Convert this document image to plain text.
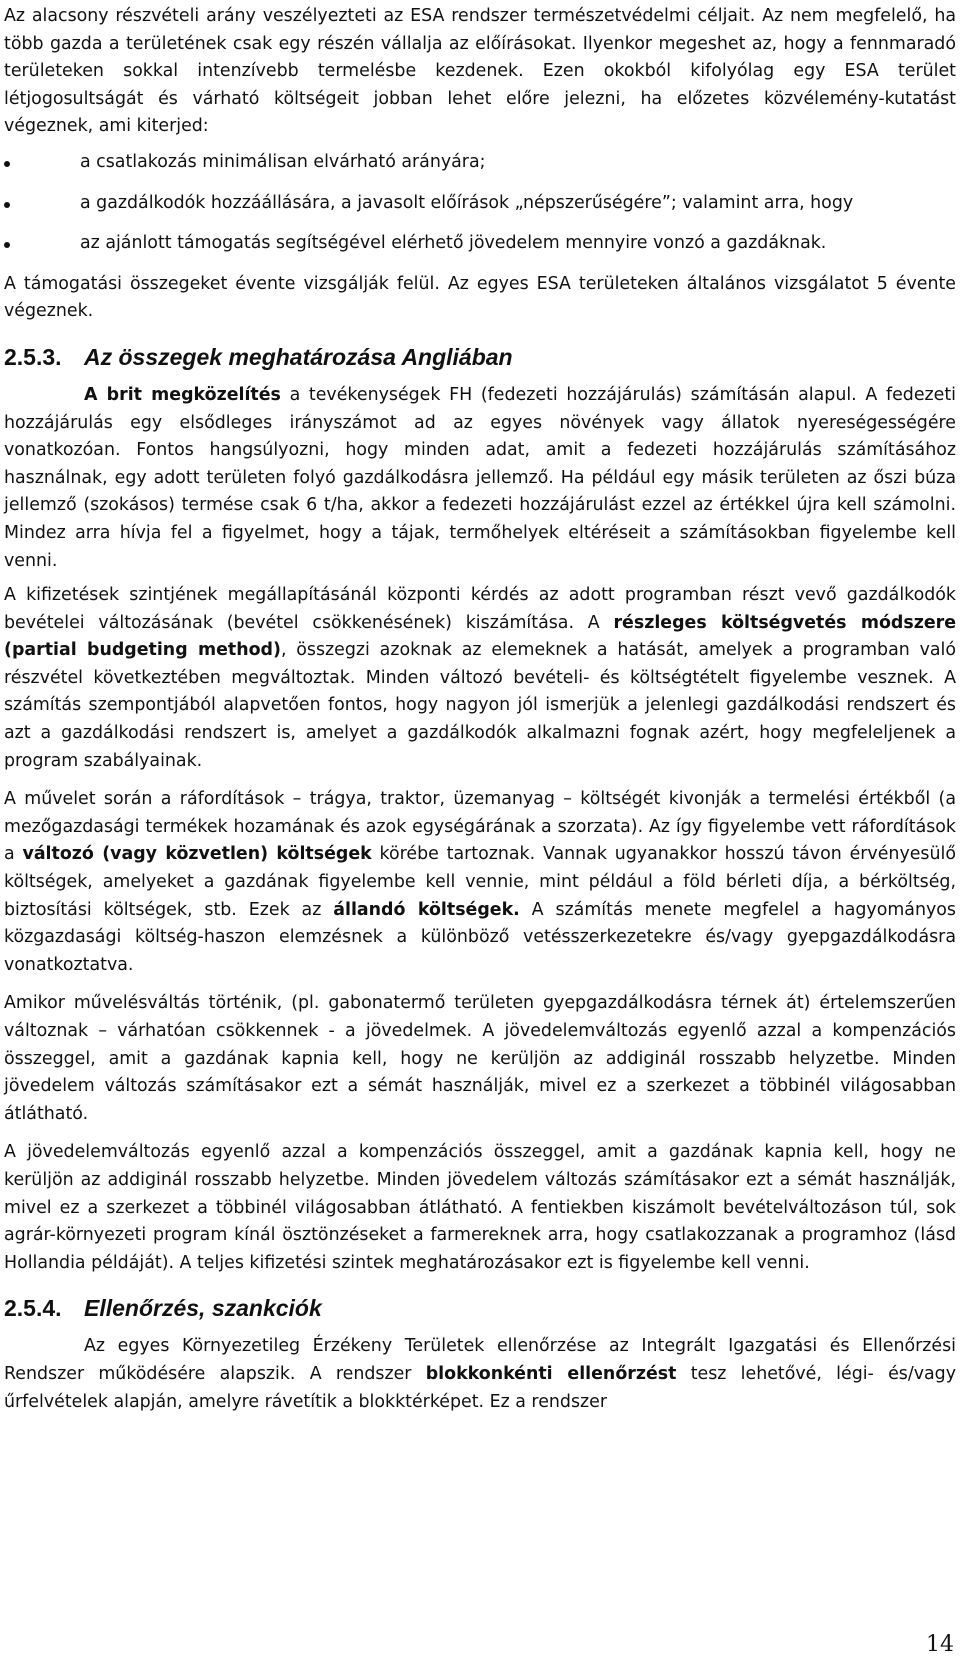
Az alacsony részvételi arány veszélyezteti az ESA rendszer természetvédelmi céljait. Az nem megfelelő, ha több gazda a területének csak egy részén vállalja az előírásokat. Ilyenkor megeshet az, hogy a fennmaradó területeken sokkal intenzívebb termelésbe kezdenek. Ezen okokból kifolyólag egy ESA terület létjogosultságát és várható költségeit jobban lehet előre jelezni, ha előzetes közvélemény-kutatást végeznek, ami kiterjed:

a csatlakozás minimálisan elvárható arányára;
a gazdálkodók hozzáállására, a javasolt előírások „népszerűségére”; valamint arra, hogy
az ajánlott támogatás segítségével elérhető jövedelem mennyire vonzó a gazdáknak.

A támogatási összegeket évente vizsgálják felül. Az egyes ESA területeken általános vizsgálatot 5 évente végeznek.

2.5.3. Az összegek meghatározása Angliában

A brit megközelítés a tevékenységek FH (fedezeti hozzájárulás) számításán alapul. A fedezeti hozzájárulás egy elsődleges irányszámot ad az egyes növények vagy állatok nyereségességére vonatkozóan. Fontos hangsúlyozni, hogy minden adat, amit a fedezeti hozzájárulás számításához használnak, egy adott területen folyó gazdálkodásra jellemző. Ha például egy másik területen az őszi búza jellemző (szokásos) termése csak 6 t/ha, akkor a fedezeti hozzájárulást ezzel az értékkel újra kell számolni. Mindez arra hívja fel a figyelmet, hogy a tájak, termőhelyek eltéréseit a számításokban figyelembe kell venni.

A kifizetések szintjének megállapításánál központi kérdés az adott programban részt vevő gazdálkodók bevételei változásának (bevétel csökkenésének) kiszámítása. A részleges költségvetés módszere (partial budgeting method), összegzi azoknak az elemeknek a hatását, amelyek a programban való részvétel következtében megváltoztak. Minden változó bevételi- és költségtételt figyelembe vesznek. A számítás szempontjából alapvetően fontos, hogy nagyon jól ismerjük a jelenlegi gazdálkodási rendszert és azt a gazdálkodási rendszert is, amelyet a gazdálkodók alkalmazni fognak azért, hogy megfeleljenek a program szabályainak.

A művelet során a ráfordítások – trágya, traktor, üzemanyag – költségét kivonják a termelési értékből (a mezőgazdasági termékek hozamának és azok egységárának a szorzata). Az így figyelembe vett ráfordítások a változó (vagy közvetlen) költségek körébe tartoznak. Vannak ugyanakkor hosszú távon érvényesülő költségek, amelyeket a gazdának figyelembe kell vennie, mint például a föld bérleti díja, a bérköltség, biztosítási költségek, stb. Ezek az állandó költségek. A számítás menete megfelel a hagyományos közgazdasági költség-haszon elemzésnek a különböző vetésszerkezetekre és/vagy gyepgazdálkodásra vonatkoztatva.

Amikor művelésváltás történik, (pl. gabonatermő területen gyepgazdálkodásra térnek át) értelemszerűen változnak – várhatóan csökkennek - a jövedelmek. A jövedelemváltozás egyenlő azzal a kompenzációs összeggel, amit a gazdának kapnia kell, hogy ne kerüljön az addiginál rosszabb helyzetbe. Minden jövedelem változás számításakor ezt a sémát használják, mivel ez a szerkezet a többinél világosabban átlátható.

A jövedelemváltozás egyenlő azzal a kompenzációs összeggel, amit a gazdának kapnia kell, hogy ne kerüljön az addiginál rosszabb helyzetbe. Minden jövedelem változás számításakor ezt a sémát használják, mivel ez a szerkezet a többinél világosabban átlátható. A fentiekben kiszámolt bevételváltozáson túl, sok agrár-környezeti program kínál ösztönzéseket a farmereknek arra, hogy csatlakozzanak a programhoz (lásd Hollandia példáját). A teljes kifizetési szintek meghatározásakor ezt is figyelembe kell venni.

2.5.4. Ellenőrzés, szankciók

Az egyes Környezetileg Érzékeny Területek ellenőrzése az Integrált Igazgatási és Ellenőrzési Rendszer működésére alapszik. A rendszer blokkonkénti ellenőrzést tesz lehetővé, légi- és/vagy űrfelvételek alapján, amelyre rávetítik a blokktérképet. Ez a rendszer

14
